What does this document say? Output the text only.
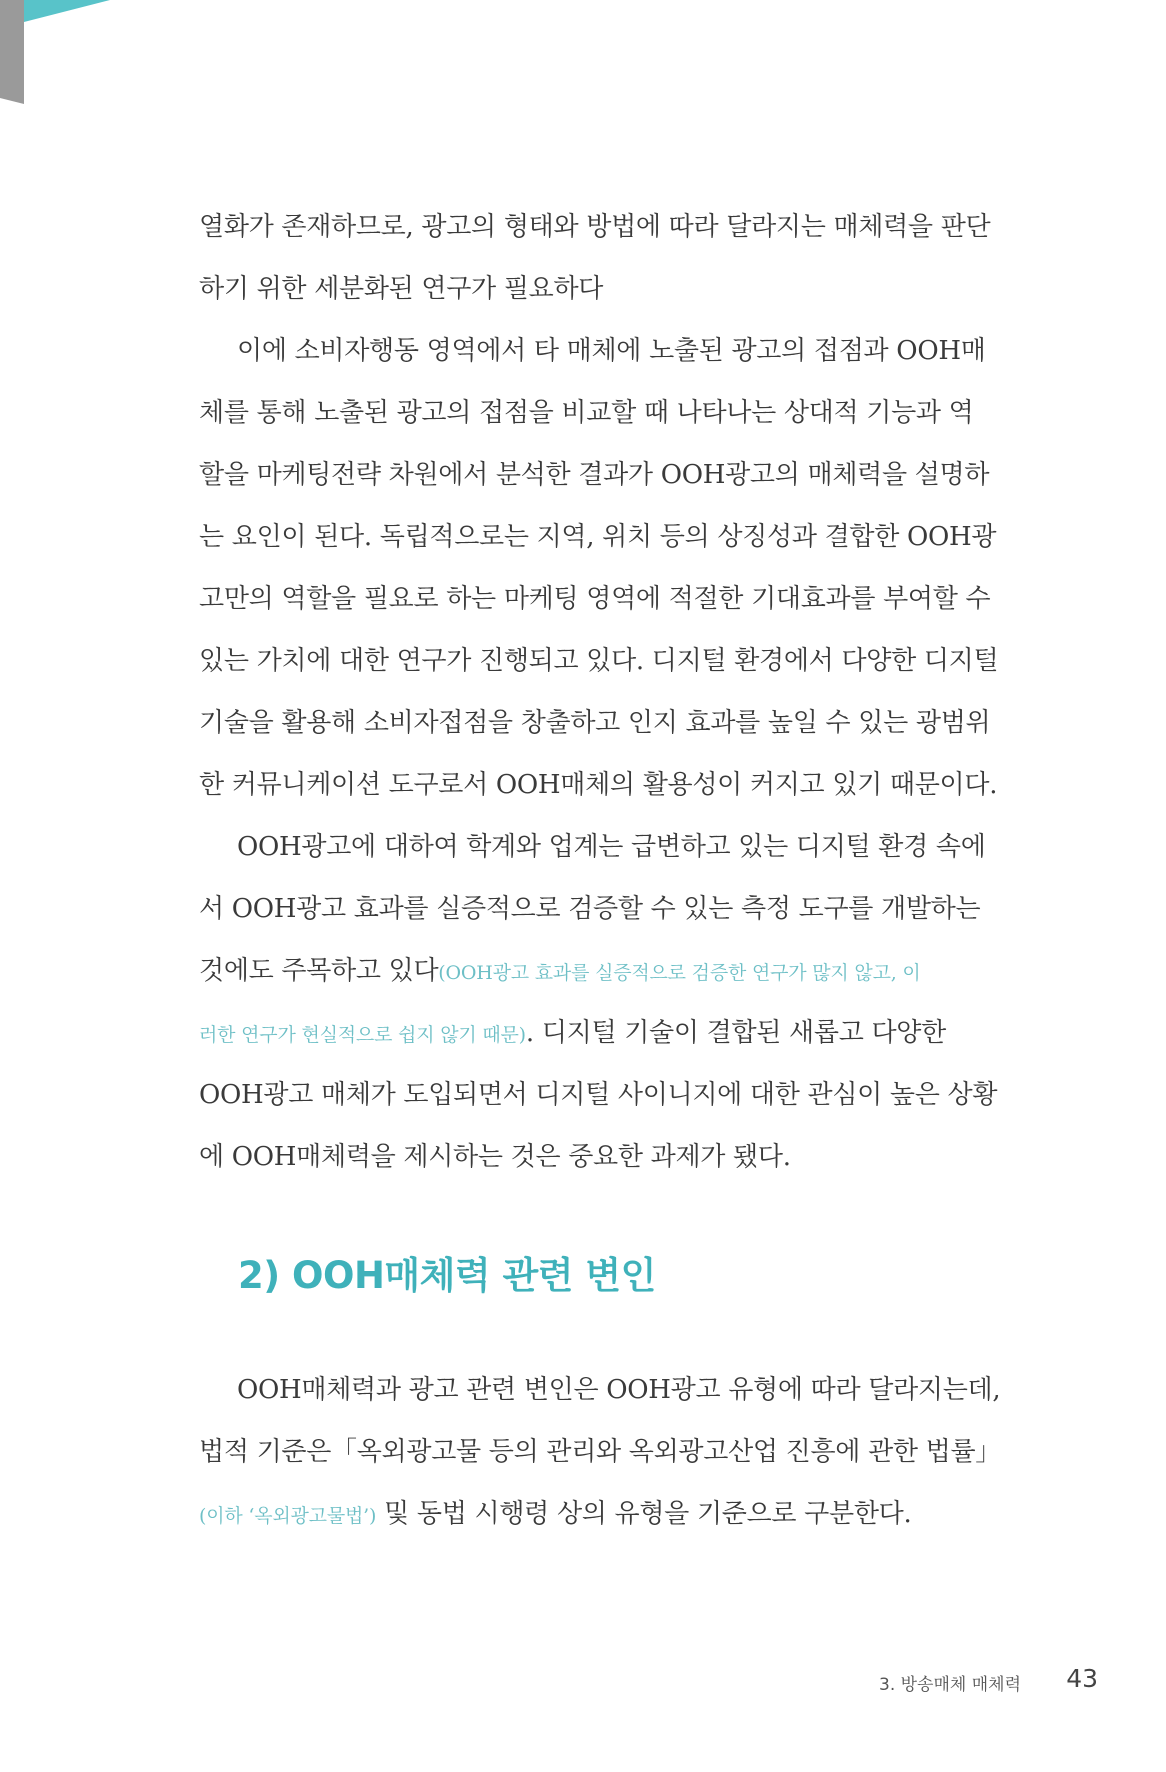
열화가 존재하므로, 광고의 형태와 방법에 따라 달라지는 매체력을 판단
하기 위한 세분화된 연구가 필요하다
이에 소비자행동 영역에서 타 매체에 노출된 광고의 접점과 OOH매
체를 통해 노출된 광고의 접점을 비교할 때 나타나는 상대적 기능과 역
할을 마케팅전략 차원에서 분석한 결과가 OOH광고의 매체력을 설명하
는 요인이 된다. 독립적으로는 지역, 위치 등의 상징성과 결합한 OOH광
고만의 역할을 필요로 하는 마케팅 영역에 적절한 기대효과를 부여할 수
있는 가치에 대한 연구가 진행되고 있다. 디지털 환경에서 다양한 디지털
기술을 활용해 소비자접점을 창출하고 인지 효과를 높일 수 있는 광범위
한 커뮤니케이션 도구로서 OOH매체의 활용성이 커지고 있기 때문이다.
OOH광고에 대하여 학계와 업계는 급변하고 있는 디지털 환경 속에
서 OOH광고 효과를 실증적으로 검증할 수 있는 측정 도구를 개발하는
것에도 주목하고 있다(OOH광고 효과를 실증적으로 검증한 연구가 많지 않고, 이
러한 연구가 현실적으로 쉽지 않기 때문). 디지털 기술이 결합된 새롭고 다양한
OOH광고 매체가 도입되면서 디지털 사이니지에 대한 관심이 높은 상황
에 OOH매체력을 제시하는 것은 중요한 과제가 됐다.
2) OOH매체력 관련 변인
OOH매체력과 광고 관련 변인은 OOH광고 유형에 따라 달라지는데,
법적 기준은「옥외광고물 등의 관리와 옥외광고산업 진흥에 관한 법률」
(이하 ‘옥외광고물법’) 및 동법 시행령 상의 유형을 기준으로 구분한다.
3. 방송매체 매체력 43
